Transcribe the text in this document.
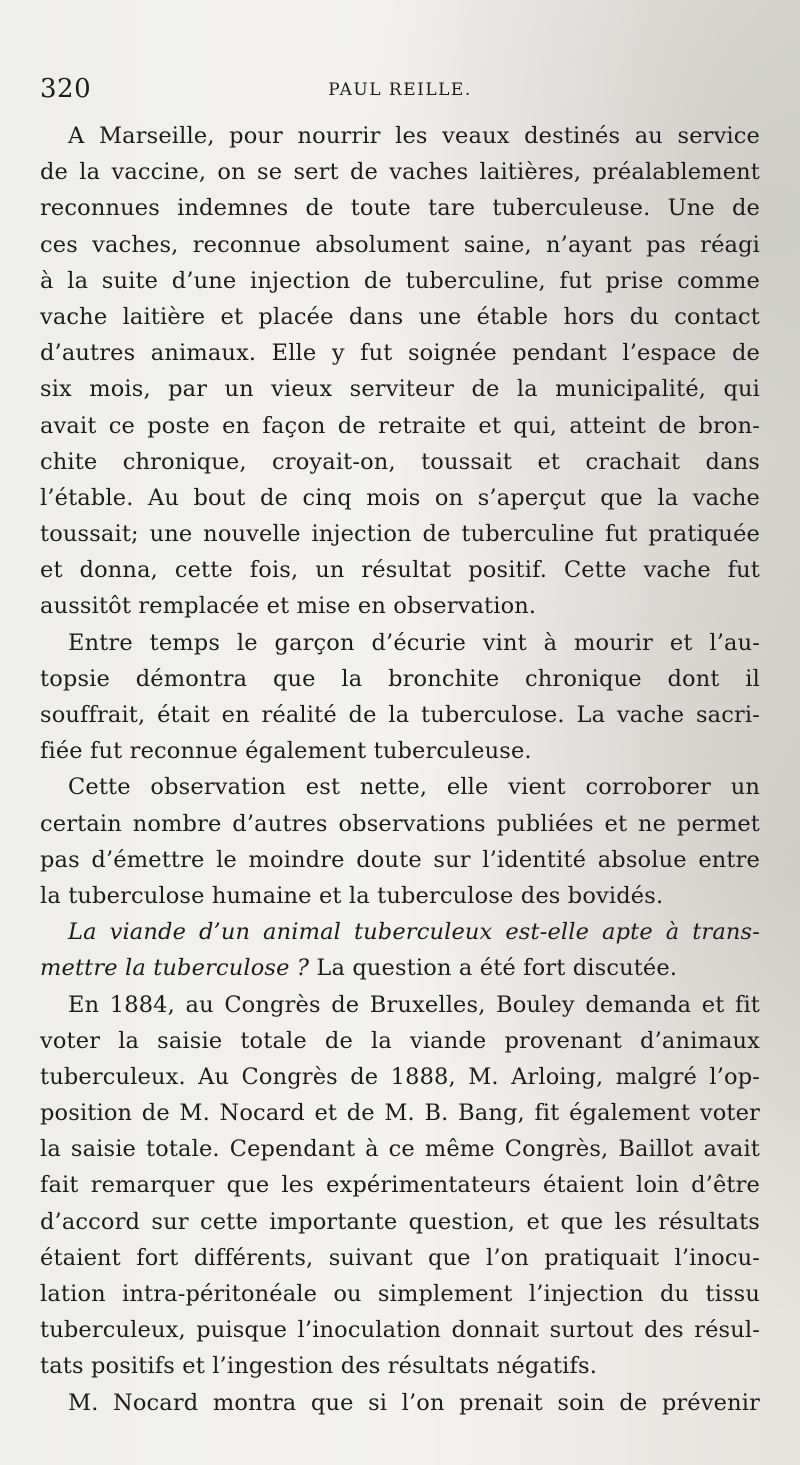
320	PAUL REILLE.
A Marseille, pour nourrir les veaux destinés au service
de la vaccine, on se sert de vaches laitières, préalablement
reconnues indemnes de toute tare tuberculeuse. Une de
ces vaches, reconnue absolument saine, n’ayant pas réagi
à la suite d’une injection de tuberculine, fut prise comme
vache laitière et placée dans une étable hors du contact
d’autres animaux. Elle y fut soignée pendant l’espace de
six mois, par un vieux serviteur de la municipalité, qui
avait ce poste en façon de retraite et qui, atteint de bron-
chite chronique, croyait-on, toussait et crachait dans
l’étable. Au bout de cinq mois on s’aperçut que la vache
toussait; une nouvelle injection de tuberculine fut pratiquée
et donna, cette fois, un résultat positif. Cette vache fut
aussitôt remplacée et mise en observation.
Entre temps le garçon d’écurie vint à mourir et l’au-
topsie démontra que la bronchite chronique dont il
souffrait, était en réalité de la tuberculose. La vache sacri-
fiée fut reconnue également tuberculeuse.
Cette observation est nette, elle vient corroborer un
certain nombre d’autres observations publiées et ne permet
pas d’émettre le moindre doute sur l’identité absolue entre
la tuberculose humaine et la tuberculose des bovidés.
La viande d’un animal tuberculeux est-elle apte à trans-
mettre la tuberculose ? La question a été fort discutée.
En 1884, au Congrès de Bruxelles, Bouley demanda et fit
voter la saisie totale de la viande provenant d’animaux
tuberculeux. Au Congrès de 1888, M. Arloing, malgré l’op-
position de M. Nocard et de M. B. Bang, fit également voter
la saisie totale. Cependant à ce même Congrès, Baillot avait
fait remarquer que les expérimentateurs étaient loin d’être
d’accord sur cette importante question, et que les résultats
étaient fort différents, suivant que l’on pratiquait l’inocu-
lation intra-péritonéale ou simplement l’injection du tissu
tuberculeux, puisque l’inoculation donnait surtout des résul-
tats positifs et l’ingestion des résultats négatifs.
M. Nocard montra que si l’on prenait soin de prévenir
